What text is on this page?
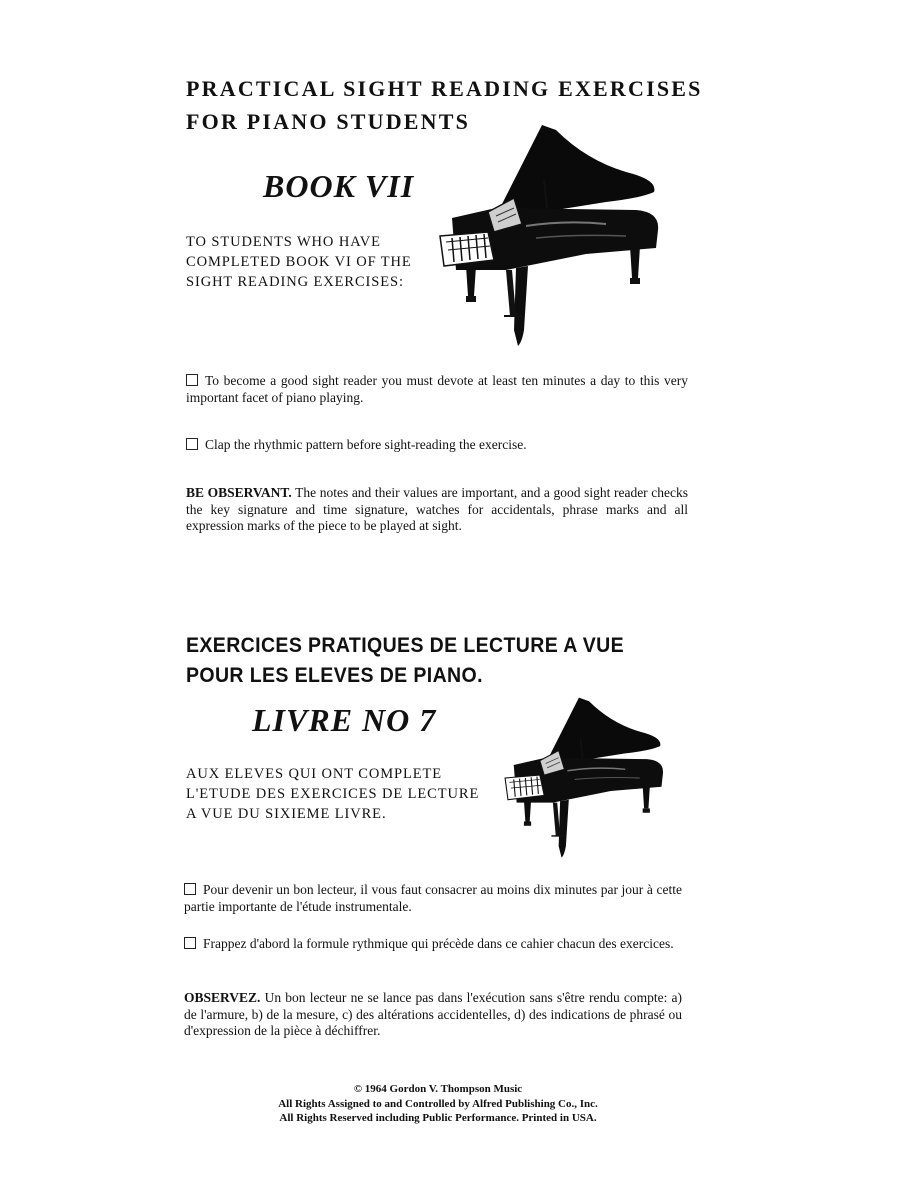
PRACTICAL SIGHT READING EXERCISES
FOR PIANO STUDENTS
BOOK VII
TO STUDENTS WHO HAVE
COMPLETED BOOK VI OF THE
SIGHT READING EXERCISES:
To become a good sight reader you must devote at least ten minutes a day to this very important facet of piano playing.
Clap the rhythmic pattern before sight-reading the exercise.
BE OBSERVANT. The notes and their values are important, and a good sight reader checks the key signature and time signature, watches for accidentals, phrase marks and all expression marks of the piece to be played at sight.
EXERCICES PRATIQUES DE LECTURE A VUE
POUR LES ELEVES DE PIANO.
LIVRE NO 7
AUX ELEVES QUI ONT COMPLETE
L'ETUDE DES EXERCICES DE LECTURE
A VUE DU SIXIEME LIVRE.
Pour devenir un bon lecteur, il vous faut consacrer au moins dix minutes par jour à cette partie importante de l'étude instrumentale.
Frappez d'abord la formule rythmique qui précède dans ce cahier chacun des exercices.
OBSERVEZ. Un bon lecteur ne se lance pas dans l'exécution sans s'être rendu compte: a) de l'armure, b) de la mesure, c) des altérations accidentelles, d) des indications de phrasé ou d'expression de la pièce à déchiffrer.
© 1964 Gordon V. Thompson Music
All Rights Assigned to and Controlled by Alfred Publishing Co., Inc.
All Rights Reserved including Public Performance. Printed in USA.
